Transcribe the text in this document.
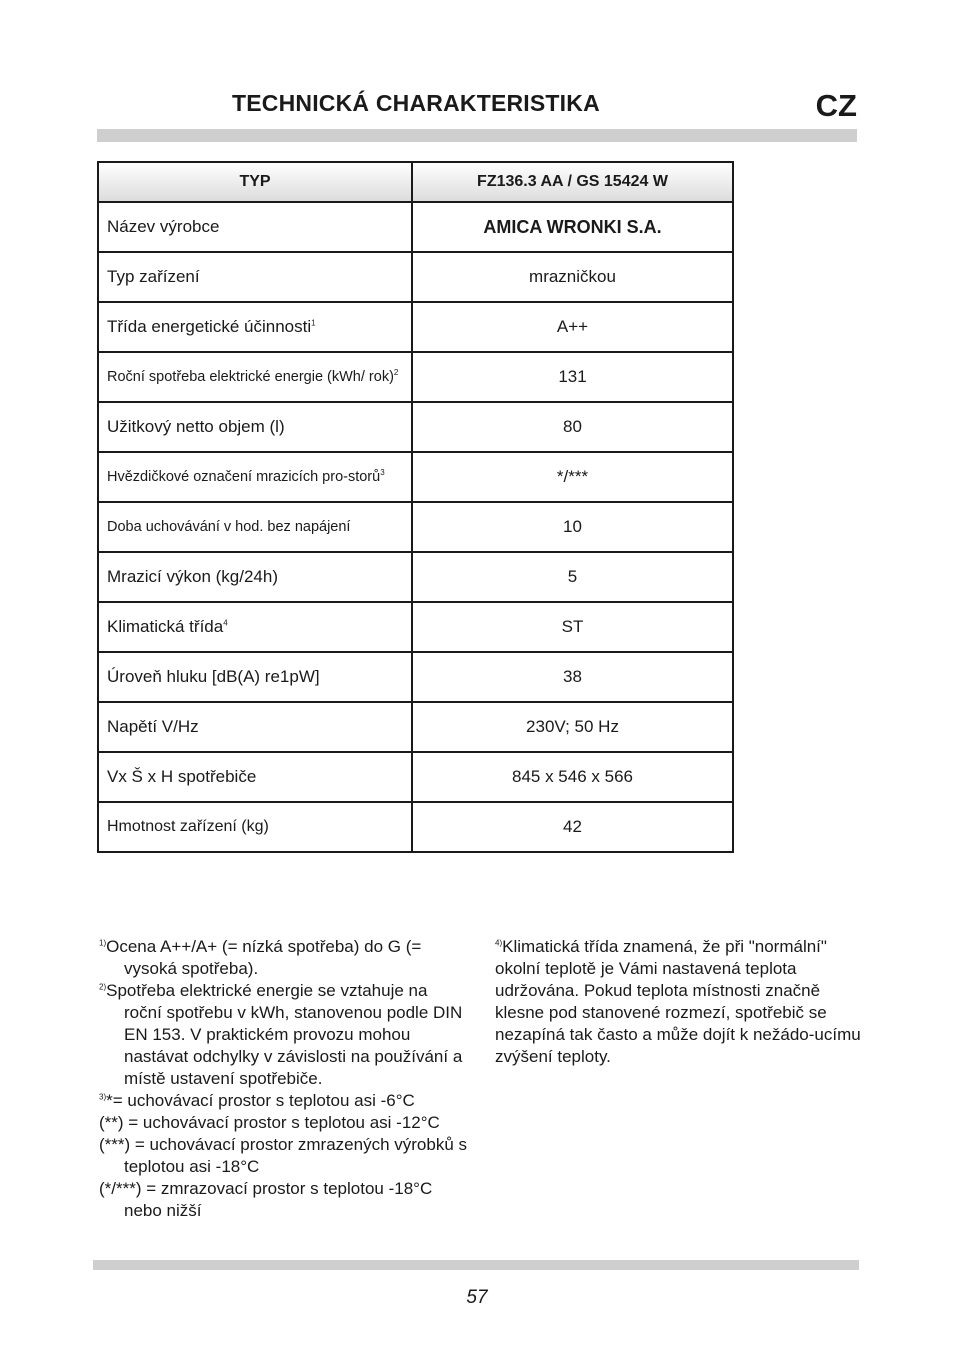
TECHNICKÁ CHARAKTERISTIKA	CZ
TYP	FZ136.3 AA / GS 15424 W
Název výrobce	AMICA WRONKI S.A.
Typ zařízení	mrazničkou
Třída energetické účinnosti$^1$	A++
Roční spotřeba elektrické energie (kWh/ rok)$^2$	131
Užitkový netto objem (l)	80
Hvězdičkové označení mrazicích pro-storů$^3$	*/***
Doba uchovávání v hod. bez napájení	10
Mrazicí výkon (kg/24h)	5
Klimatická třída$^4$	ST
Úroveň hluku [dB(A) re1pW]	38
Napětí V/Hz	230V; 50 Hz
Vx Š x H spotřebiče	845 x 546 x 566
Hmotnost zařízení (kg)	42
$^{1)}$Ocena A++/A+ (= nízká spotřeba) do G (= vysoká spotřeba).
$^{2)}$Spotřeba elektrické energie se vztahuje na roční spotřebu v kWh, stanovenou podle DIN EN 153. V praktickém provozu mohou nastávat odchylky v závislosti na používání a místě ustavení spotřebiče.
$^{3)}$*= uchovávací prostor s teplotou asi -6°C
(**) = uchovávací prostor s teplotou asi -12°C
(***) = uchovávací prostor zmrazených výrobků s teplotou asi -18°C
(*/***) = zmrazovací prostor s teplotou -18°C nebo nižší
$^{4)}$Klimatická třída znamená, že při "normální" okolní teplotě je Vámi nastavená teplota udržována. Pokud teplota místnosti značně klesne pod stanovené rozmezí, spotřebič se nezapíná tak často a může dojít k nežádo-ucímu zvýšení teploty.
57
